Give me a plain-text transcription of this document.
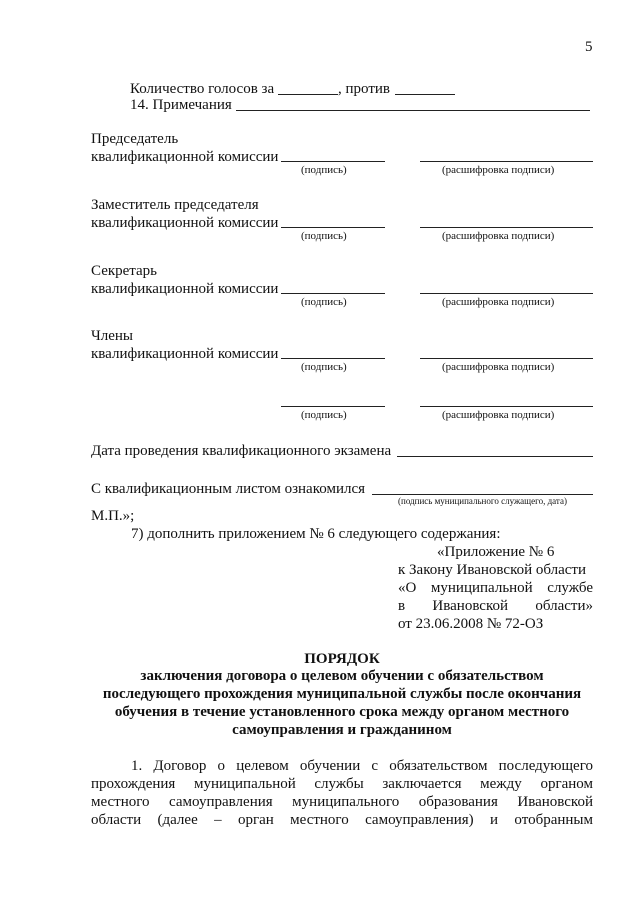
5
Количество голосов за	, против
14. Примечания
Председатель
квалификационной комиссии
(подпись)	(расшифровка подписи)
Заместитель председателя
квалификационной комиссии
(подпись)	(расшифровка подписи)
Секретарь
квалификационной комиссии
(подпись)	(расшифровка подписи)
Члены
квалификационной комиссии
(подпись)	(расшифровка подписи)
(подпись)	(расшифровка подписи)
Дата проведения квалификационного экзамена
С квалификационным листом ознакомился
(подпись муниципального служащего, дата)
М.П.»;
7) дополнить приложением № 6 следующего содержания:
«Приложение № 6
к Закону Ивановской области
«О муниципальной службе
в Ивановской области»
от 23.06.2008 № 72-ОЗ
ПОРЯДОК
заключения договора о целевом обучении с обязательством
последующего прохождения муниципальной службы после окончания
обучения в течение установленного срока между органом местного
самоуправления и гражданином
1. Договор о целевом обучении с обязательством последующего
прохождения муниципальной службы заключается между органом
местного самоуправления муниципального образования Ивановской
области (далее – орган местного самоуправления) и отобранным
